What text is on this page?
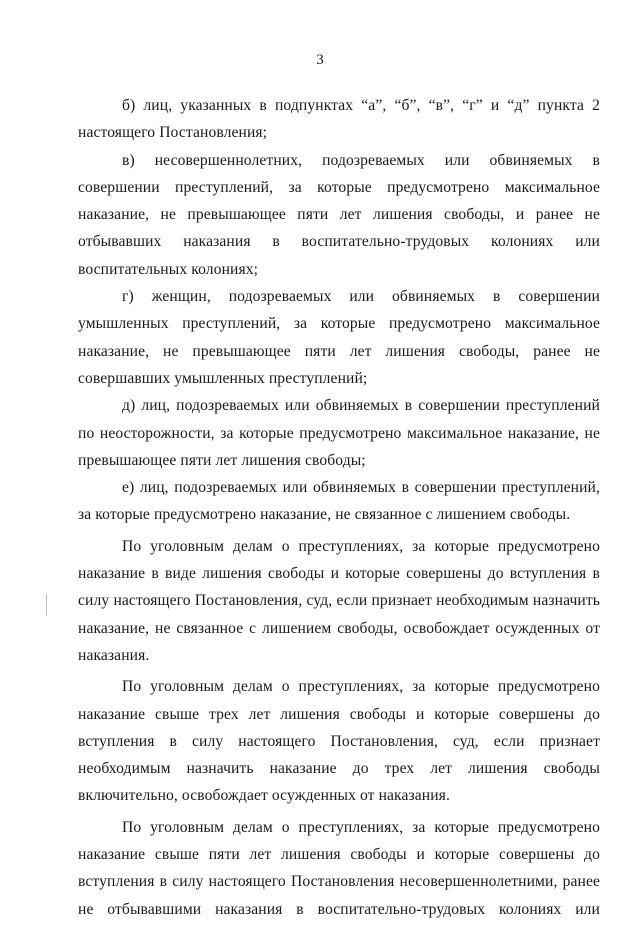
3

б) лиц, указанных в подпунктах “а”, “б”, “в”, “г” и “д” пункта 2 настоящего Постановления;

в) несовершеннолетних, подозреваемых или обвиняемых в совершении преступлений, за которые предусмотрено максимальное наказание, не превышающее пяти лет лишения свободы, и ранее не отбывавших наказания в воспитательно-трудовых колониях или воспитательных колониях;

г) женщин, подозреваемых или обвиняемых в совершении умышленных преступлений, за которые предусмотрено максимальное наказание, не превышающее пяти лет лишения свободы, ранее не совершавших умышленных преступлений;

д) лиц, подозреваемых или обвиняемых в совершении преступлений по неосторожности, за которые предусмотрено максимальное наказание, не превышающее пяти лет лишения свободы;

е) лиц, подозреваемых или обвиняемых в совершении преступлений, за которые предусмотрено наказание, не связанное с лишением свободы.

По уголовным делам о преступлениях, за которые предусмотрено наказание в виде лишения свободы и которые совершены до вступления в силу настоящего Постановления, суд, если признает необходимым назначить наказание, не связанное с лишением свободы, освобождает осужденных от наказания.

По уголовным делам о преступлениях, за которые предусмотрено наказание свыше трех лет лишения свободы и которые совершены до вступления в силу настоящего Постановления, суд, если признает необходимым назначить наказание до трех лет лишения свободы включительно, освобождает осужденных от наказания.

По уголовным делам о преступлениях, за которые предусмотрено наказание свыше пяти лет лишения свободы и которые совершены до вступления в силу настоящего Постановления несовершеннолетними, ранее не отбывавшими наказания в воспитательно-трудовых колониях или
